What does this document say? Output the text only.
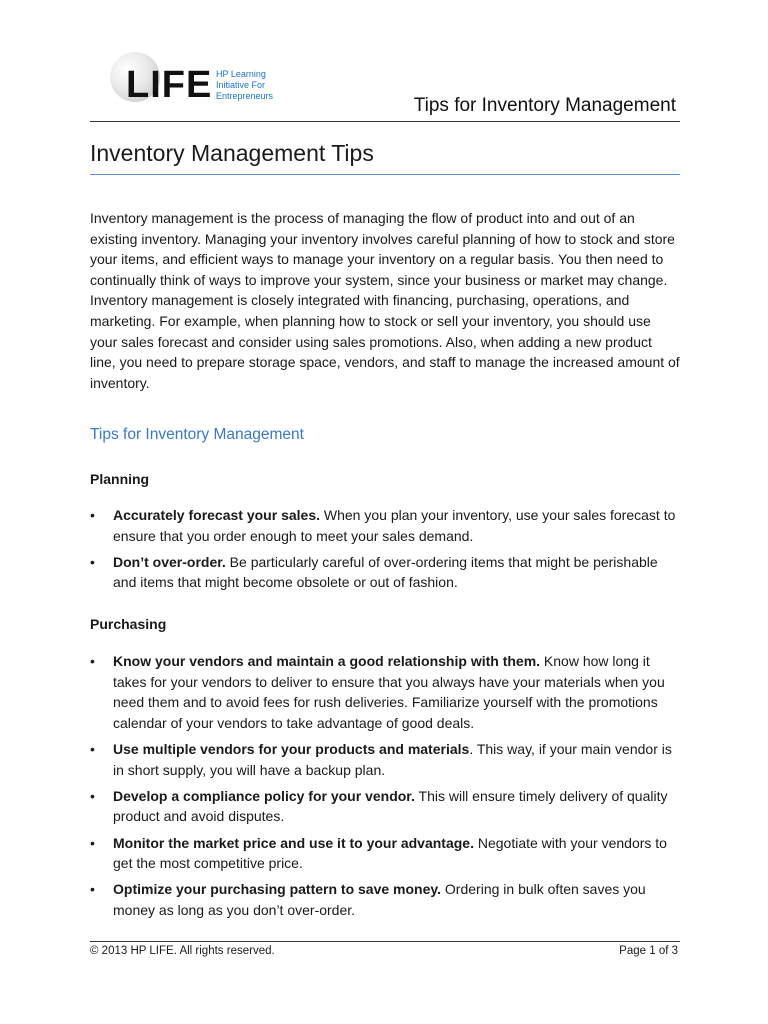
LIFE HP Learning
Initiative For
Entrepreneurs	Tips for Inventory Management
Inventory Management Tips

Inventory management is the process of managing the flow of product into and out of an existing inventory. Managing your inventory involves careful planning of how to stock and store your items, and efficient ways to manage your inventory on a regular basis. You then need to continually think of ways to improve your system, since your business or market may change. Inventory management is closely integrated with financing, purchasing, operations, and marketing. For example, when planning how to stock or sell your inventory, you should use your sales forecast and consider using sales promotions. Also, when adding a new product line, you need to prepare storage space, vendors, and staff to manage the increased amount of inventory.

Tips for Inventory Management
Planning
• Accurately forecast your sales. When you plan your inventory, use your sales forecast to ensure that you order enough to meet your sales demand.
• Don’t over-order. Be particularly careful of over-ordering items that might be perishable and items that might become obsolete or out of fashion.
Purchasing
• Know your vendors and maintain a good relationship with them. Know how long it takes for your vendors to deliver to ensure that you always have your materials when you need them and to avoid fees for rush deliveries. Familiarize yourself with the promotions calendar of your vendors to take advantage of good deals.
• Use multiple vendors for your products and materials. This way, if your main vendor is in short supply, you will have a backup plan.
• Develop a compliance policy for your vendor. This will ensure timely delivery of quality product and avoid disputes.
• Monitor the market price and use it to your advantage. Negotiate with your vendors to get the most competitive price.
• Optimize your purchasing pattern to save money. Ordering in bulk often saves you money as long as you don’t over-order.
© 2013 HP LIFE. All rights reserved.	Page 1 of 3
